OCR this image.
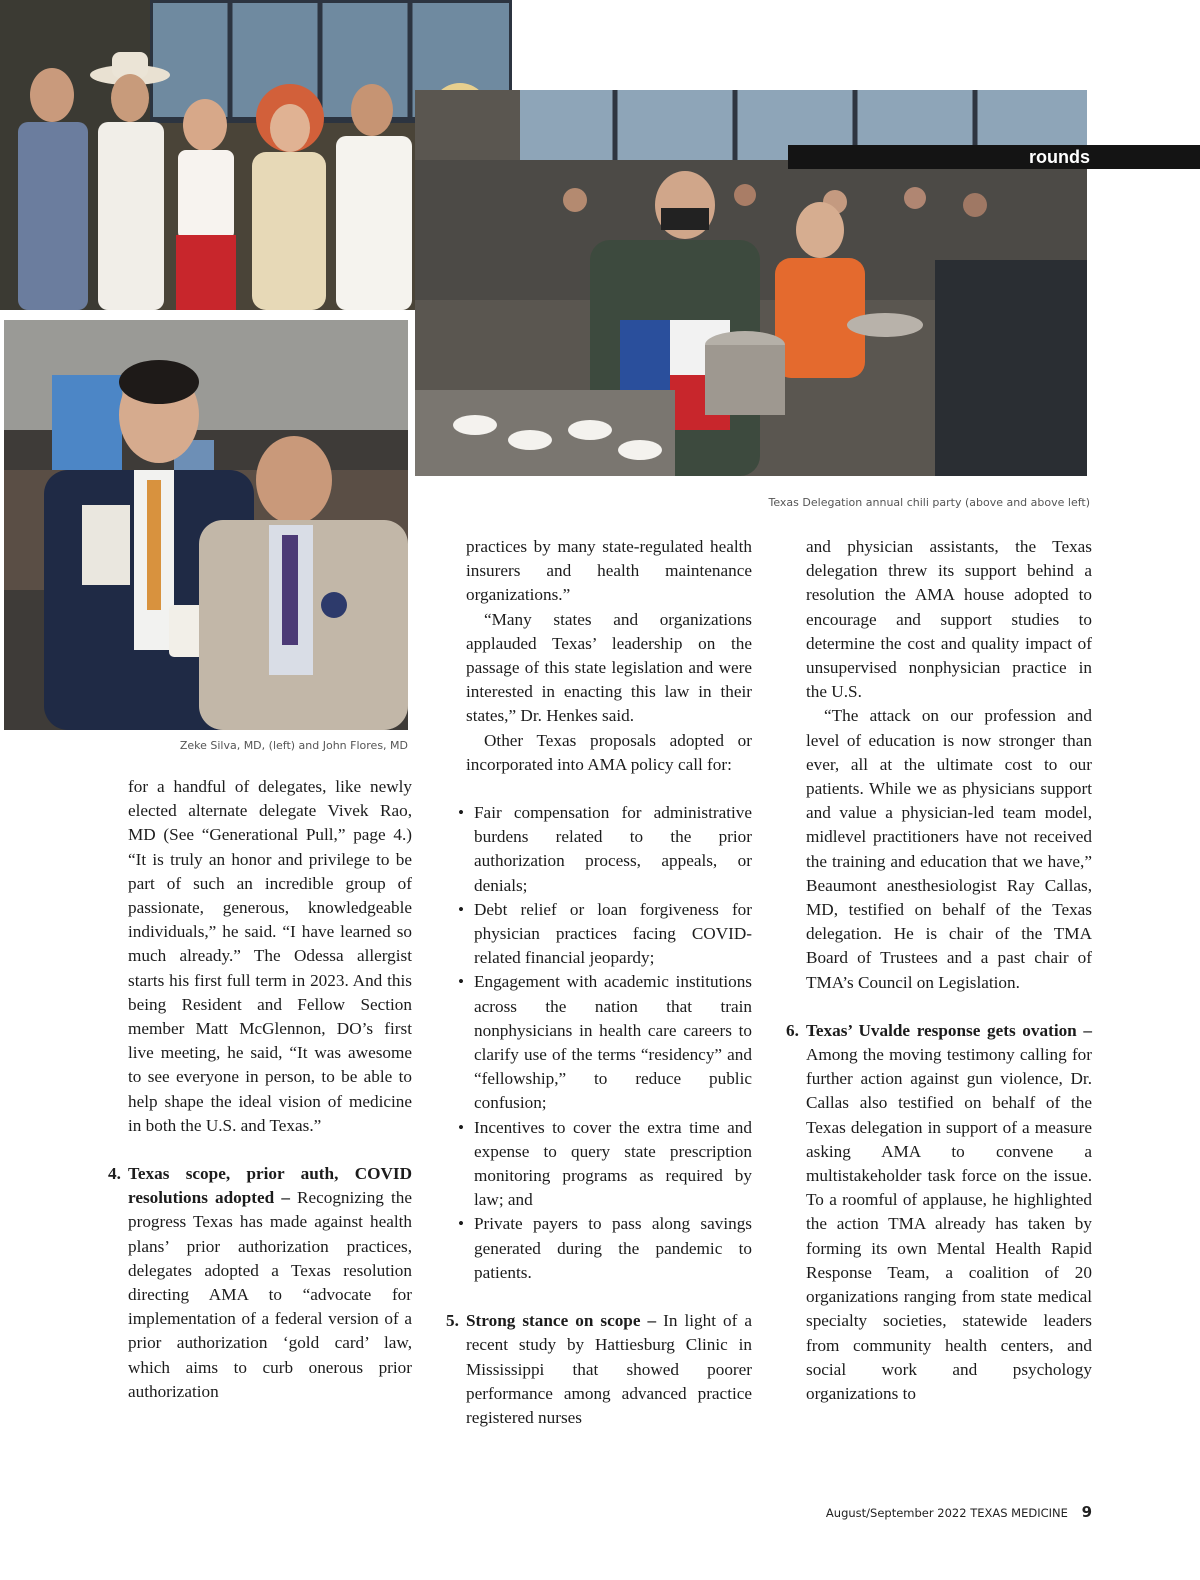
rounds
Texas Delegation annual chili party (above and above left)
Zeke Silva, MD, (left) and John Flores, MD

for a handful of delegates, like newly elected alternate delegate Vivek Rao, MD (See “Generational Pull,” page 4.) “It is truly an honor and privilege to be part of such an incredible group of passionate, generous, knowledgeable individuals,” he said. “I have learned so much already.” The Odessa allergist starts his first full term in 2023. And this being Resident and Fellow Section member Matt McGlennon, DO’s first live meeting, he said, “It was awesome to see everyone in person, to be able to help shape the ideal vision of medicine in both the U.S. and Texas.”

4. Texas scope, prior auth, COVID resolutions adopted – Recognizing the progress Texas has made against health plans’ prior authorization practices, delegates adopted a Texas resolution directing AMA to “advocate for implementation of a federal version of a prior authorization ‘gold card’ law, which aims to curb onerous prior authorization

practices by many state-regulated health insurers and health maintenance organizations.”

“Many states and organizations applauded Texas’ leadership on the passage of this state legislation and were interested in enacting this law in their states,” Dr. Henkes said.

Other Texas proposals adopted or incorporated into AMA policy call for:

• Fair compensation for administrative burdens related to the prior authorization process, appeals, or denials;
• Debt relief or loan forgiveness for physician practices facing COVID-related financial jeopardy;
• Engagement with academic institutions across the nation that train nonphysicians in health care careers to clarify use of the terms “residency” and “fellowship,” to reduce public confusion;
• Incentives to cover the extra time and expense to query state prescription monitoring programs as required by law; and
• Private payers to pass along savings generated during the pandemic to patients.
5. Strong stance on scope – In light of a recent study by Hattiesburg Clinic in Mississippi that showed poorer performance among advanced practice registered nurses

and physician assistants, the Texas delegation threw its support behind a resolution the AMA house adopted to encourage and support studies to determine the cost and quality impact of unsupervised nonphysician practice in the U.S.

“The attack on our profession and level of education is now stronger than ever, all at the ultimate cost to our patients. While we as physicians support and value a physician-led team model, midlevel practitioners have not received the training and education that we have,” Beaumont anesthesiologist Ray Callas, MD, testified on behalf of the Texas delegation. He is chair of the TMA Board of Trustees and a past chair of TMA’s Council on Legislation.

6. Texas’ Uvalde response gets ovation – Among the moving testimony calling for further action against gun violence, Dr. Callas also testified on behalf of the Texas delegation in support of a measure asking AMA to convene a multistakeholder task force on the issue. To a roomful of applause, he highlighted the action TMA already has taken by forming its own Mental Health Rapid Response Team, a coalition of 20 organizations ranging from state medical specialty societies, statewide leaders from community health centers, and social work and psychology organizations to
August/September 2022 TEXAS MEDICINE 9
